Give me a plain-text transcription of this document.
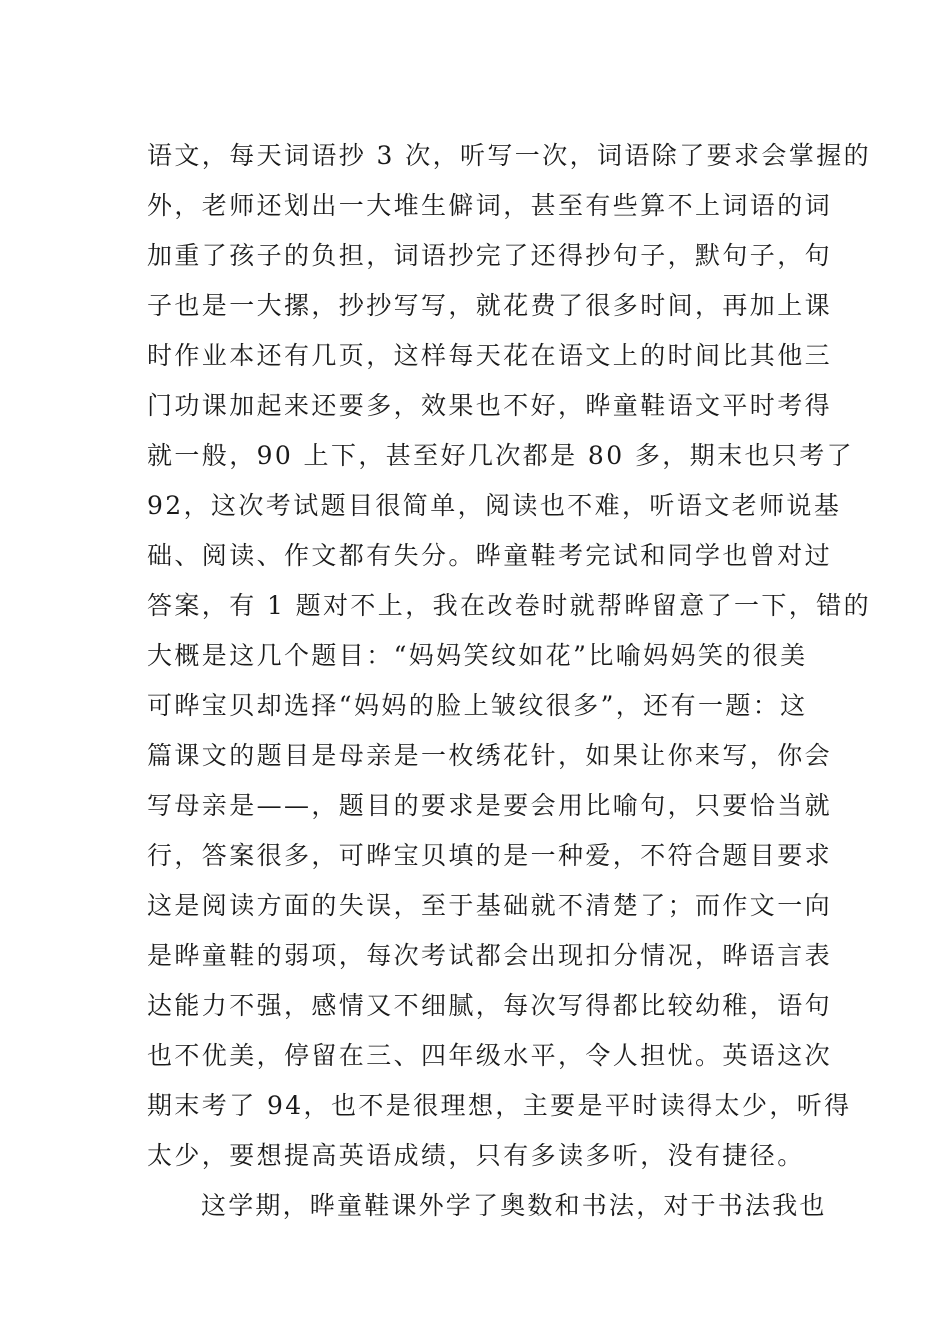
语文，每天词语抄 3 次，听写一次，词语除了要求会掌握的
外，老师还划出一大堆生僻词，甚至有些算不上词语的词
加重了孩子的负担，词语抄完了还得抄句子，默句子，句
子也是一大摞，抄抄写写，就花费了很多时间，再加上课
时作业本还有几页，这样每天花在语文上的时间比其他三
门功课加起来还要多，效果也不好，晔童鞋语文平时考得
就一般，90 上下，甚至好几次都是 80 多，期末也只考了
92，这次考试题目很简单，阅读也不难，听语文老师说基
础、阅读、作文都有失分。晔童鞋考完试和同学也曾对过
答案，有 1 题对不上，我在改卷时就帮晔留意了一下，错的
大概是这几个题目：“妈妈笑纹如花”比喻妈妈笑的很美
可晔宝贝却选择“妈妈的脸上皱纹很多”，还有一题：这
篇课文的题目是母亲是一枚绣花针，如果让你来写，你会
写母亲是——，题目的要求是要会用比喻句，只要恰当就
行，答案很多，可晔宝贝填的是一种爱，不符合题目要求
这是阅读方面的失误，至于基础就不清楚了；而作文一向
是晔童鞋的弱项，每次考试都会出现扣分情况，晔语言表
达能力不强，感情又不细腻，每次写得都比较幼稚，语句
也不优美，停留在三、四年级水平，令人担忧。英语这次
期末考了 94，也不是很理想，主要是平时读得太少，听得
太少，要想提高英语成绩，只有多读多听，没有捷径。
这学期，晔童鞋课外学了奥数和书法，对于书法我也
